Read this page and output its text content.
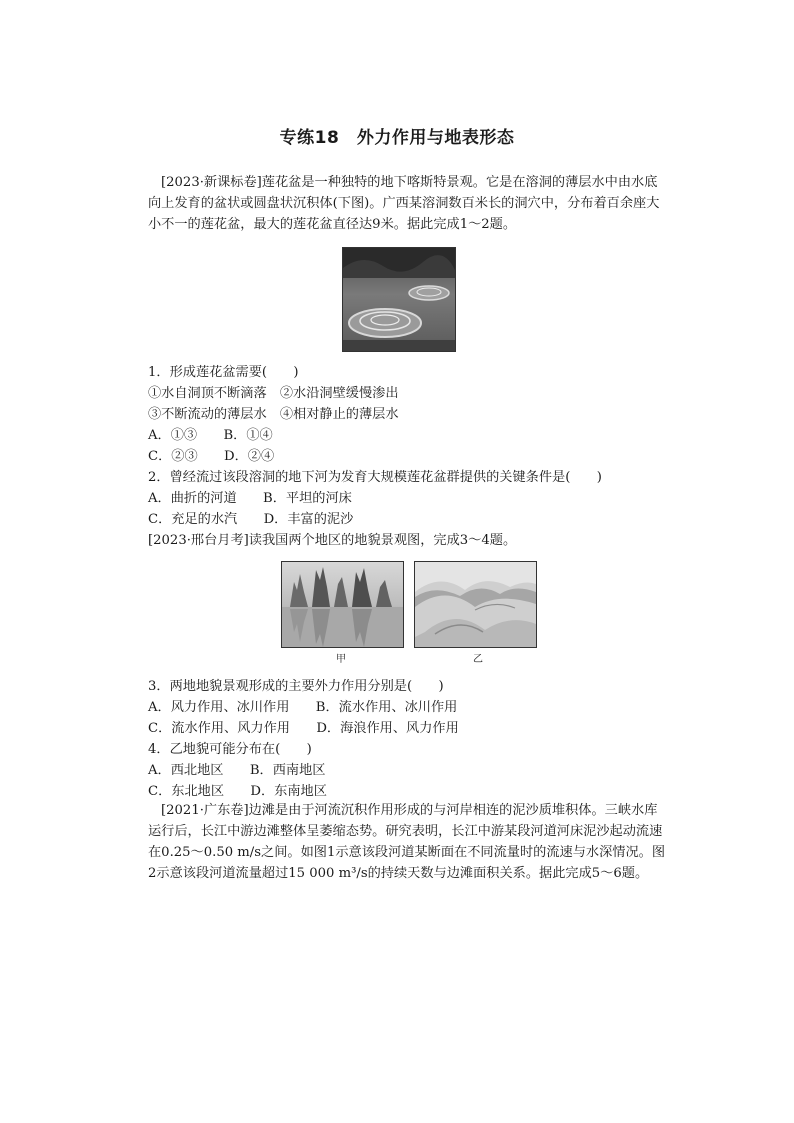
专练18　外力作用与地表形态

[2023·新课标卷]莲花盆是一种独特的地下喀斯特景观。它是在溶洞的薄层水中由水底向上发育的盆状或圆盘状沉积体(下图)。广西某溶洞数百米长的洞穴中，分布着百余座大小不一的莲花盆，最大的莲花盆直径达9米。据此完成1～2题。

1．形成莲花盆需要(　　)
①水自洞顶不断滴落　②水沿洞壁缓慢渗出
③不断流动的薄层水　④相对静止的薄层水
A．①③　　B．①④
C．②③　　D．②④
2．曾经流过该段溶洞的地下河为发育大规模莲花盆群提供的关键条件是(　　)
A．曲折的河道　　B．平坦的河床
C．充足的水汽　　D．丰富的泥沙
[2023·邢台月考]读我国两个地区的地貌景观图，完成3～4题。
甲	乙
3．两地地貌景观形成的主要外力作用分别是(　　)
A．风力作用、冰川作用　　B．流水作用、冰川作用
C．流水作用、风力作用　　D．海浪作用、风力作用
4．乙地貌可能分布在(　　)
A．西北地区　　B．西南地区
C．东北地区　　D．东南地区

[2021·广东卷]边滩是由于河流沉积作用形成的与河岸相连的泥沙质堆积体。三峡水库运行后，长江中游边滩整体呈萎缩态势。研究表明，长江中游某段河道河床泥沙起动流速在0.25～0.50 m/s之间。如图1示意该段河道某断面在不同流量时的流速与水深情况。图2示意该段河道流量超过15 000 m³/s的持续天数与边滩面积关系。据此完成5～6题。
